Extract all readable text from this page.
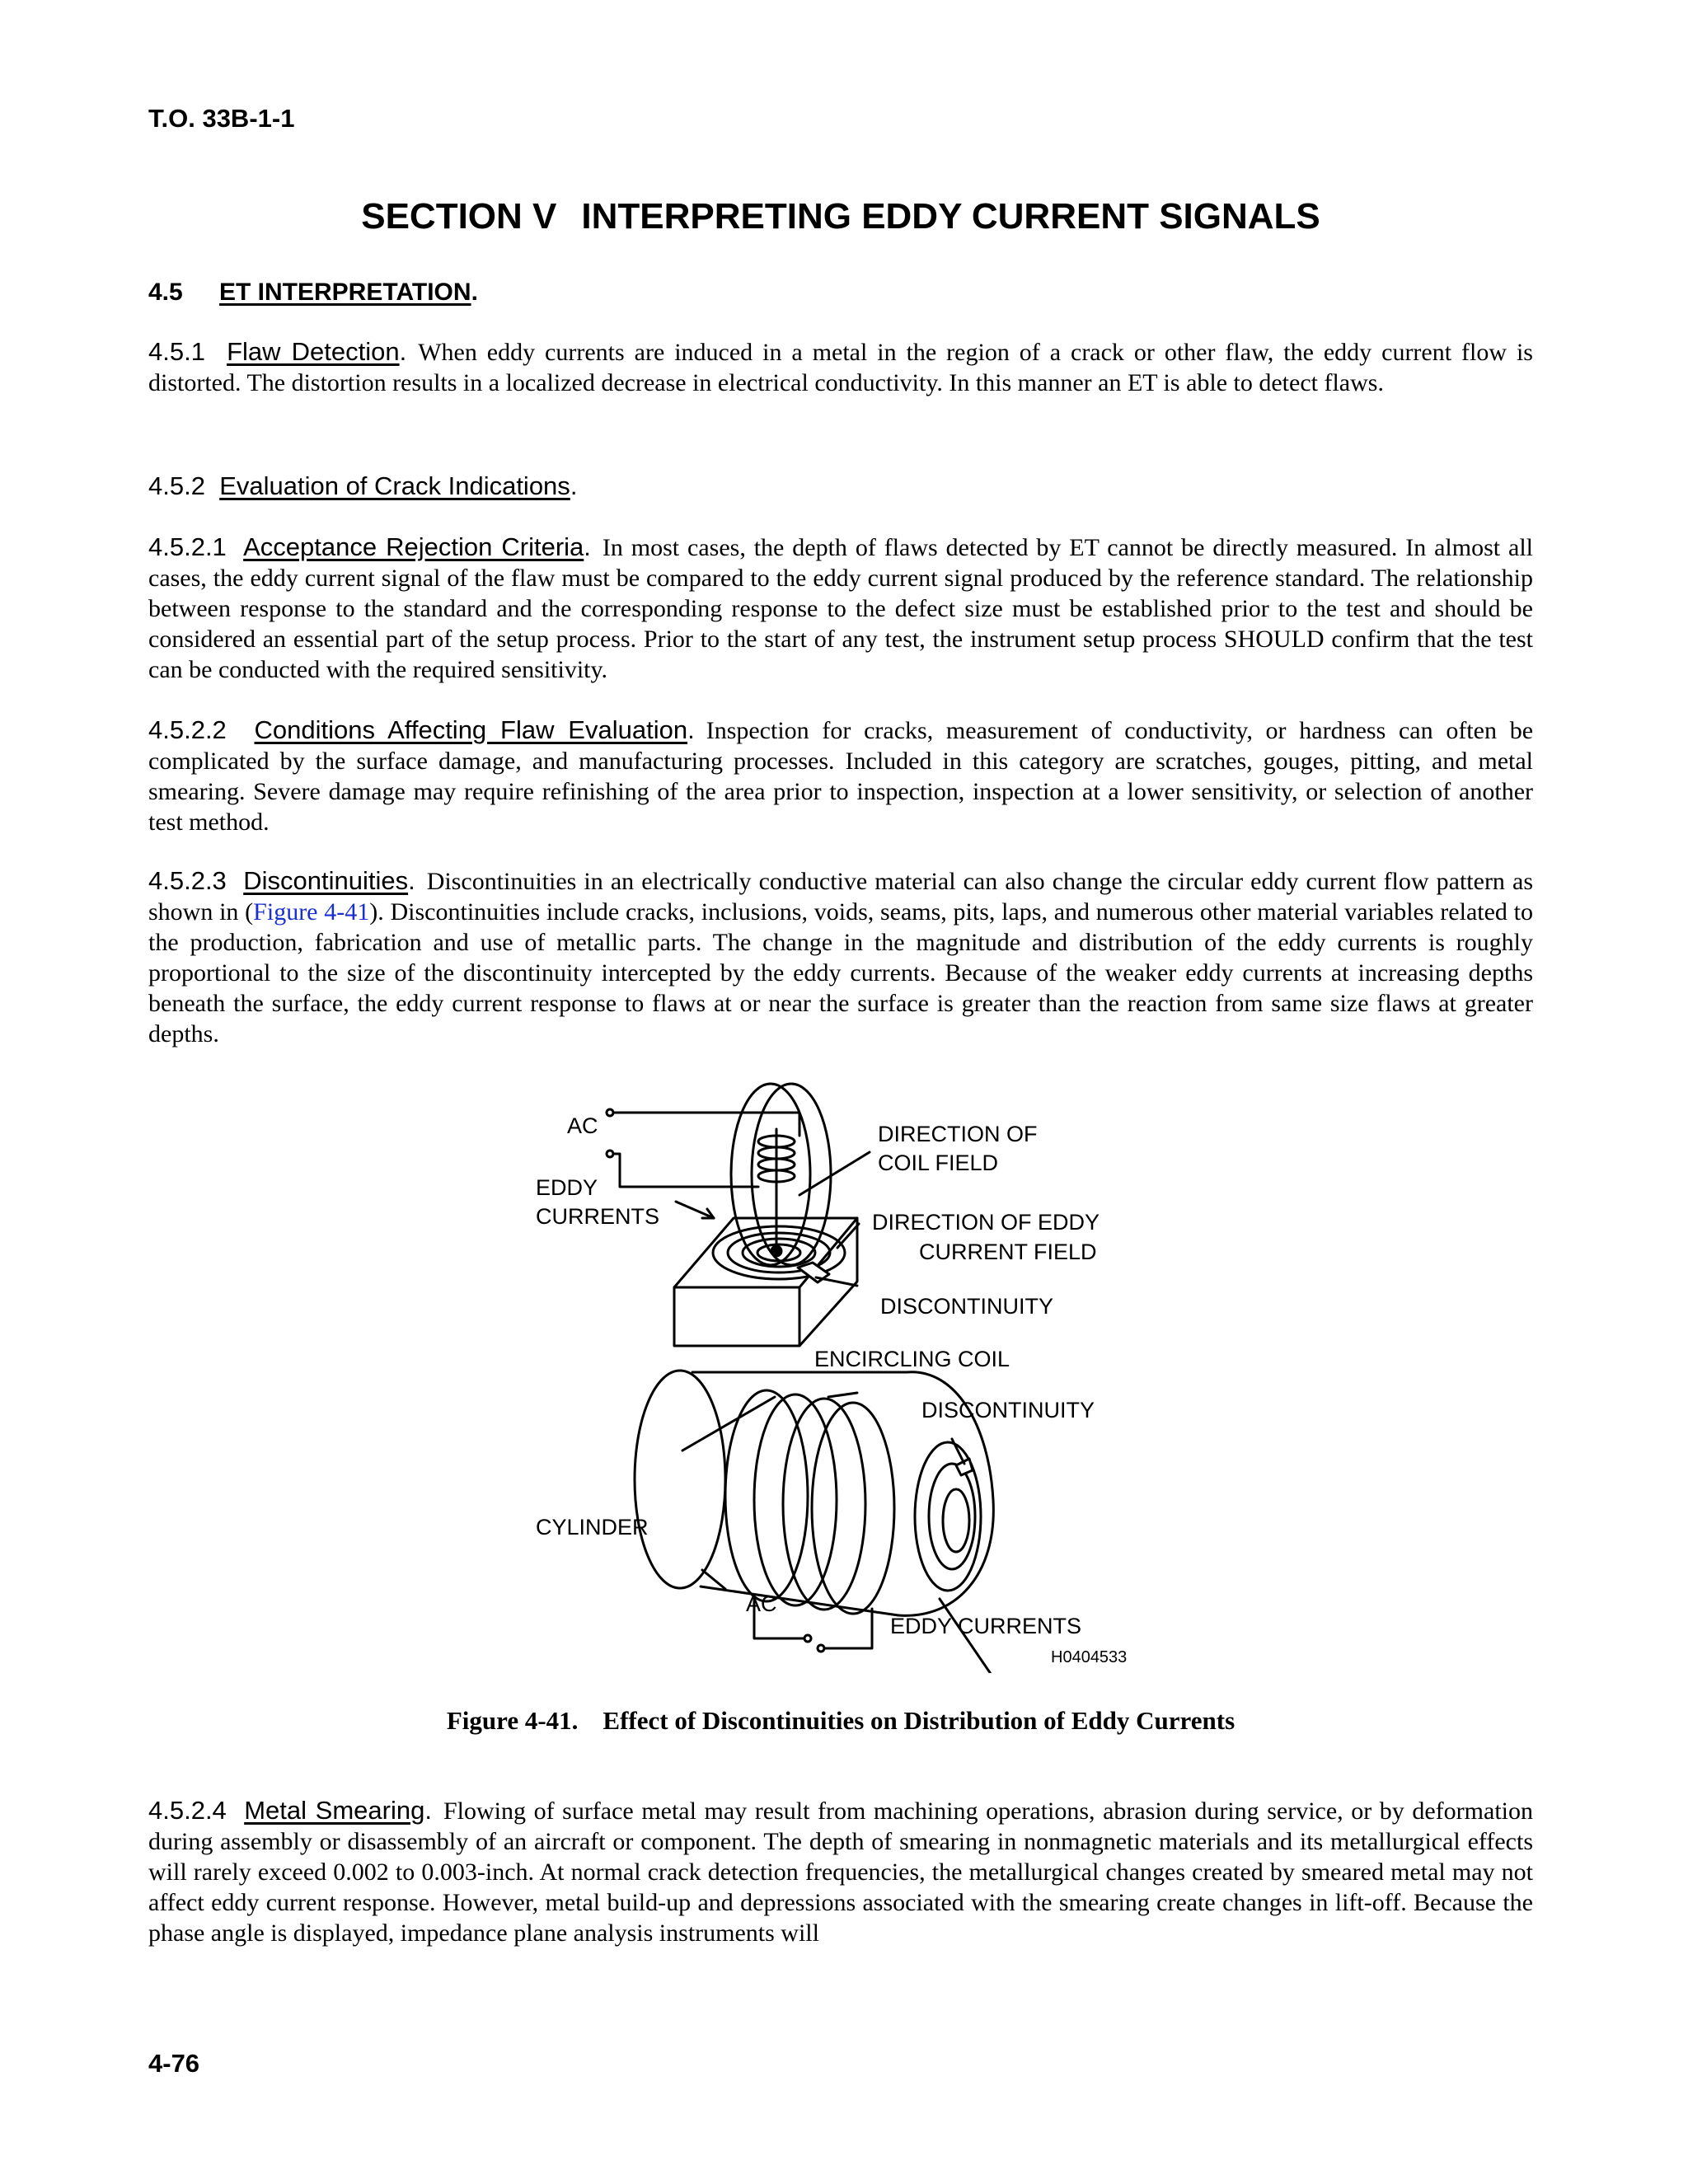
T.O. 33B-1-1
SECTION V INTERPRETING EDDY CURRENT SIGNALS
4.5 ET INTERPRETATION.
4.5.1 Flaw Detection. When eddy currents are induced in a metal in the region of a crack or other flaw, the eddy current flow is distorted. The distortion results in a localized decrease in electrical conductivity. In this manner an ET is able to detect flaws.
4.5.2 Evaluation of Crack Indications.
4.5.2.1 Acceptance Rejection Criteria. In most cases, the depth of flaws detected by ET cannot be directly measured. In almost all cases, the eddy current signal of the flaw must be compared to the eddy current signal produced by the reference standard. The relationship between response to the standard and the corresponding response to the defect size must be established prior to the test and should be considered an essential part of the setup process. Prior to the start of any test, the instrument setup process SHOULD confirm that the test can be conducted with the required sensitivity.
4.5.2.2 Conditions Affecting Flaw Evaluation. Inspection for cracks, measurement of conductivity, or hardness can often be complicated by the surface damage, and manufacturing processes. Included in this category are scratches, gouges, pitting, and metal smearing. Severe damage may require refinishing of the area prior to inspection, inspection at a lower sensitivity, or selection of another test method.
4.5.2.3 Discontinuities. Discontinuities in an electrically conductive material can also change the circular eddy current flow pattern as shown in (Figure 4-41). Discontinuities include cracks, inclusions, voids, seams, pits, laps, and numerous other material variables related to the production, fabrication and use of metallic parts. The change in the magnitude and distribution of the eddy currents is roughly proportional to the size of the discontinuity intercepted by the eddy currents. Because of the weaker eddy currents at increasing depths beneath the surface, the eddy current response to flaws at or near the surface is greater than the reaction from same size flaws at greater depths.
AC
EDDY
CURRENTS
DIRECTION OF
COIL FIELD
DIRECTION OF EDDY
CURRENT FIELD
DISCONTINUITY
ENCIRCLING COIL
DISCONTINUITY
CYLINDER
AC
EDDY CURRENTS
H0404533
Figure 4-41. Effect of Discontinuities on Distribution of Eddy Currents
4.5.2.4 Metal Smearing. Flowing of surface metal may result from machining operations, abrasion during service, or by deformation during assembly or disassembly of an aircraft or component. The depth of smearing in nonmagnetic materials and its metallurgical effects will rarely exceed 0.002 to 0.003-inch. At normal crack detection frequencies, the metallurgical changes created by smeared metal may not affect eddy current response. However, metal build-up and depressions associated with the smearing create changes in lift-off. Because the phase angle is displayed, impedance plane analysis instruments will
4-76
